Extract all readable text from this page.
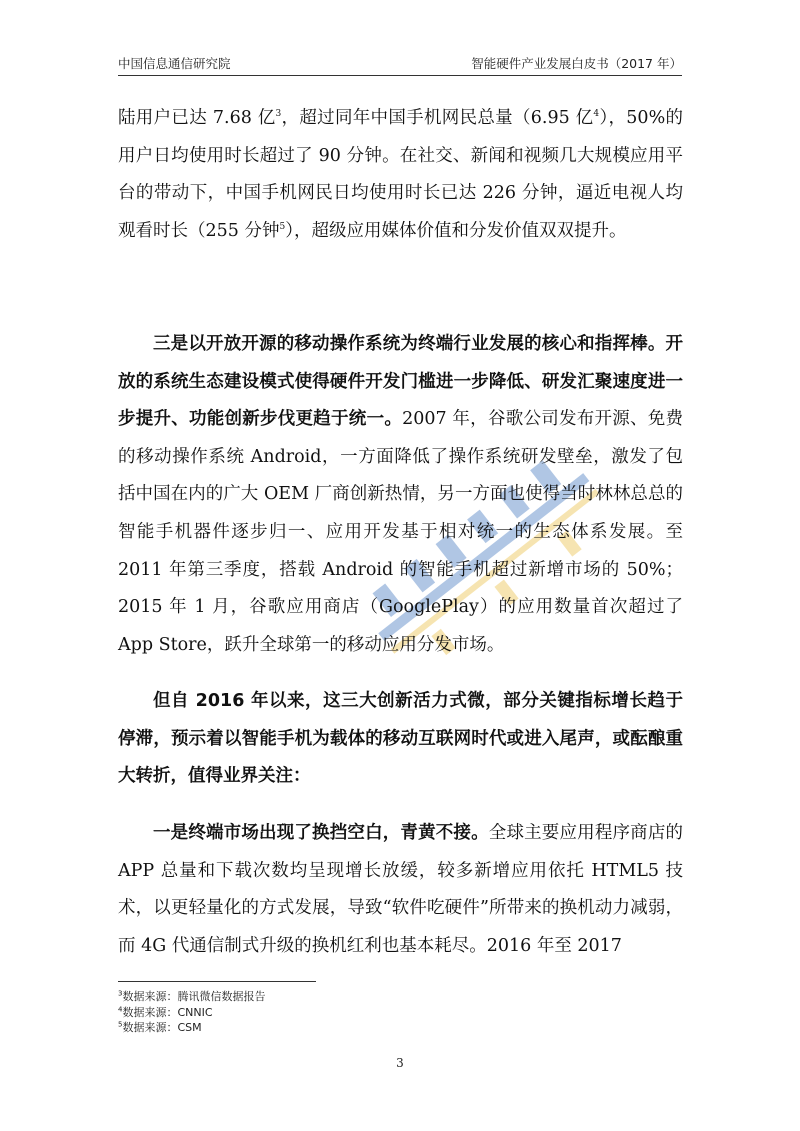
中国信息通信研究院	智能硬件产业发展白皮书（2017 年）

陆用户已达 7.68 亿$^3$，超过同年中国手机网民总量（6.95 亿$^4$），50%的用户日均使用时长超过了 90 分钟。在社交、新闻和视频几大规模应用平台的带动下，中国手机网民日均使用时长已达 226 分钟，逼近电视人均观看时长（255 分钟$^5$），超级应用媒体价值和分发价值双双提升。

三是以开放开源的移动操作系统为终端行业发展的核心和指挥棒。开放的系统生态建设模式使得硬件开发门槛进一步降低、研发汇聚速度进一步提升、功能创新步伐更趋于统一。2007 年，谷歌公司发布开源、免费的移动操作系统 Android，一方面降低了操作系统研发壁垒，激发了包括中国在内的广大 OEM 厂商创新热情，另一方面也使得当时林林总总的智能手机器件逐步归一、应用开发基于相对统一的生态体系发展。至 2011 年第三季度，搭载 Android 的智能手机超过新增市场的 50%；2015 年 1 月，谷歌应用商店（GooglePlay）的应用数量首次超过了 App Store，跃升全球第一的移动应用分发市场。

但自 2016 年以来，这三大创新活力式微，部分关键指标增长趋于停滞，预示着以智能手机为载体的移动互联网时代或进入尾声，或酝酿重大转折，值得业界关注：

一是终端市场出现了换挡空白，青黄不接。全球主要应用程序商店的 APP 总量和下载次数均呈现增长放缓，较多新增应用依托 HTML5 技术，以更轻量化的方式发展，导致“软件吃硬件”所带来的换机动力减弱，而 4G 代通信制式升级的换机红利也基本耗尽。2016 年至 2017

$^3$数据来源：腾讯微信数据报告
$^4$数据来源：CNNIC
$^5$数据来源：CSM
3
